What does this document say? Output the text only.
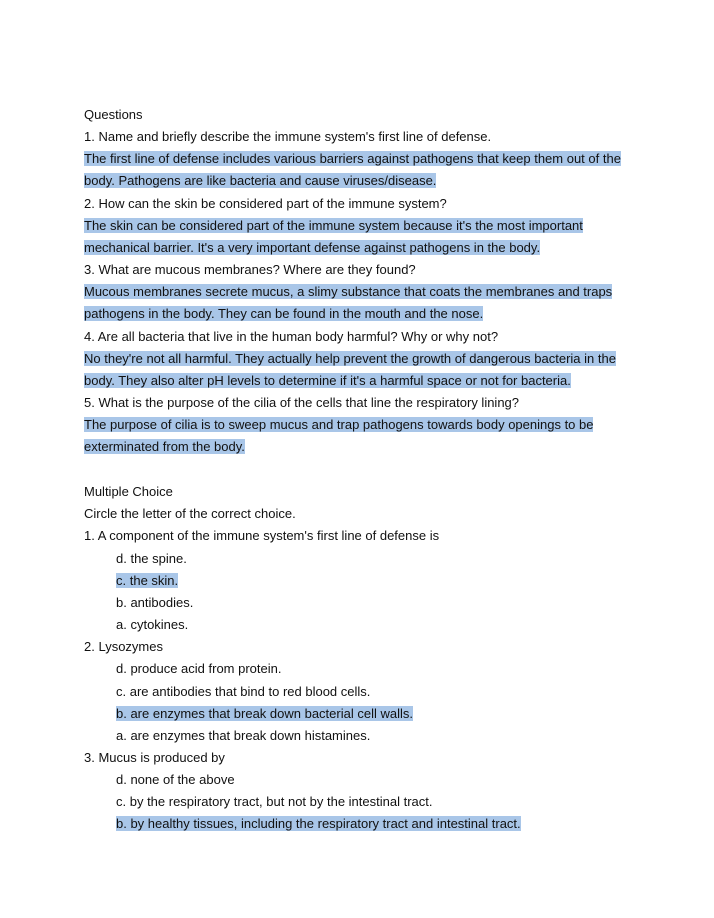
Questions
1. Name and briefly describe the immune system's first line of defense.
The first line of defense includes various barriers against pathogens that keep them out of the
body. Pathogens are like bacteria and cause viruses/disease.
2. How can the skin be considered part of the immune system?
The skin can be considered part of the immune system because it's the most important
mechanical barrier. It's a very important defense against pathogens in the body.
3. What are mucous membranes? Where are they found?
Mucous membranes secrete mucus, a slimy substance that coats the membranes and traps
pathogens in the body. They can be found in the mouth and the nose.
4. Are all bacteria that live in the human body harmful? Why or why not?
No they're not all harmful. They actually help prevent the growth of dangerous bacteria in the
body. They also alter pH levels to determine if it's a harmful space or not for bacteria.
5. What is the purpose of the cilia of the cells that line the respiratory lining?
The purpose of cilia is to sweep mucus and trap pathogens towards body openings to be
exterminated from the body.
Multiple Choice
Circle the letter of the correct choice.
1. A component of the immune system's first line of defense is
d. the spine.
c. the skin.
b. antibodies.
a. cytokines.
2. Lysozymes
d. produce acid from protein.
c. are antibodies that bind to red blood cells.
b. are enzymes that break down bacterial cell walls.
a. are enzymes that break down histamines.
3. Mucus is produced by
d. none of the above
c. by the respiratory tract, but not by the intestinal tract.
b. by healthy tissues, including the respiratory tract and intestinal tract.
